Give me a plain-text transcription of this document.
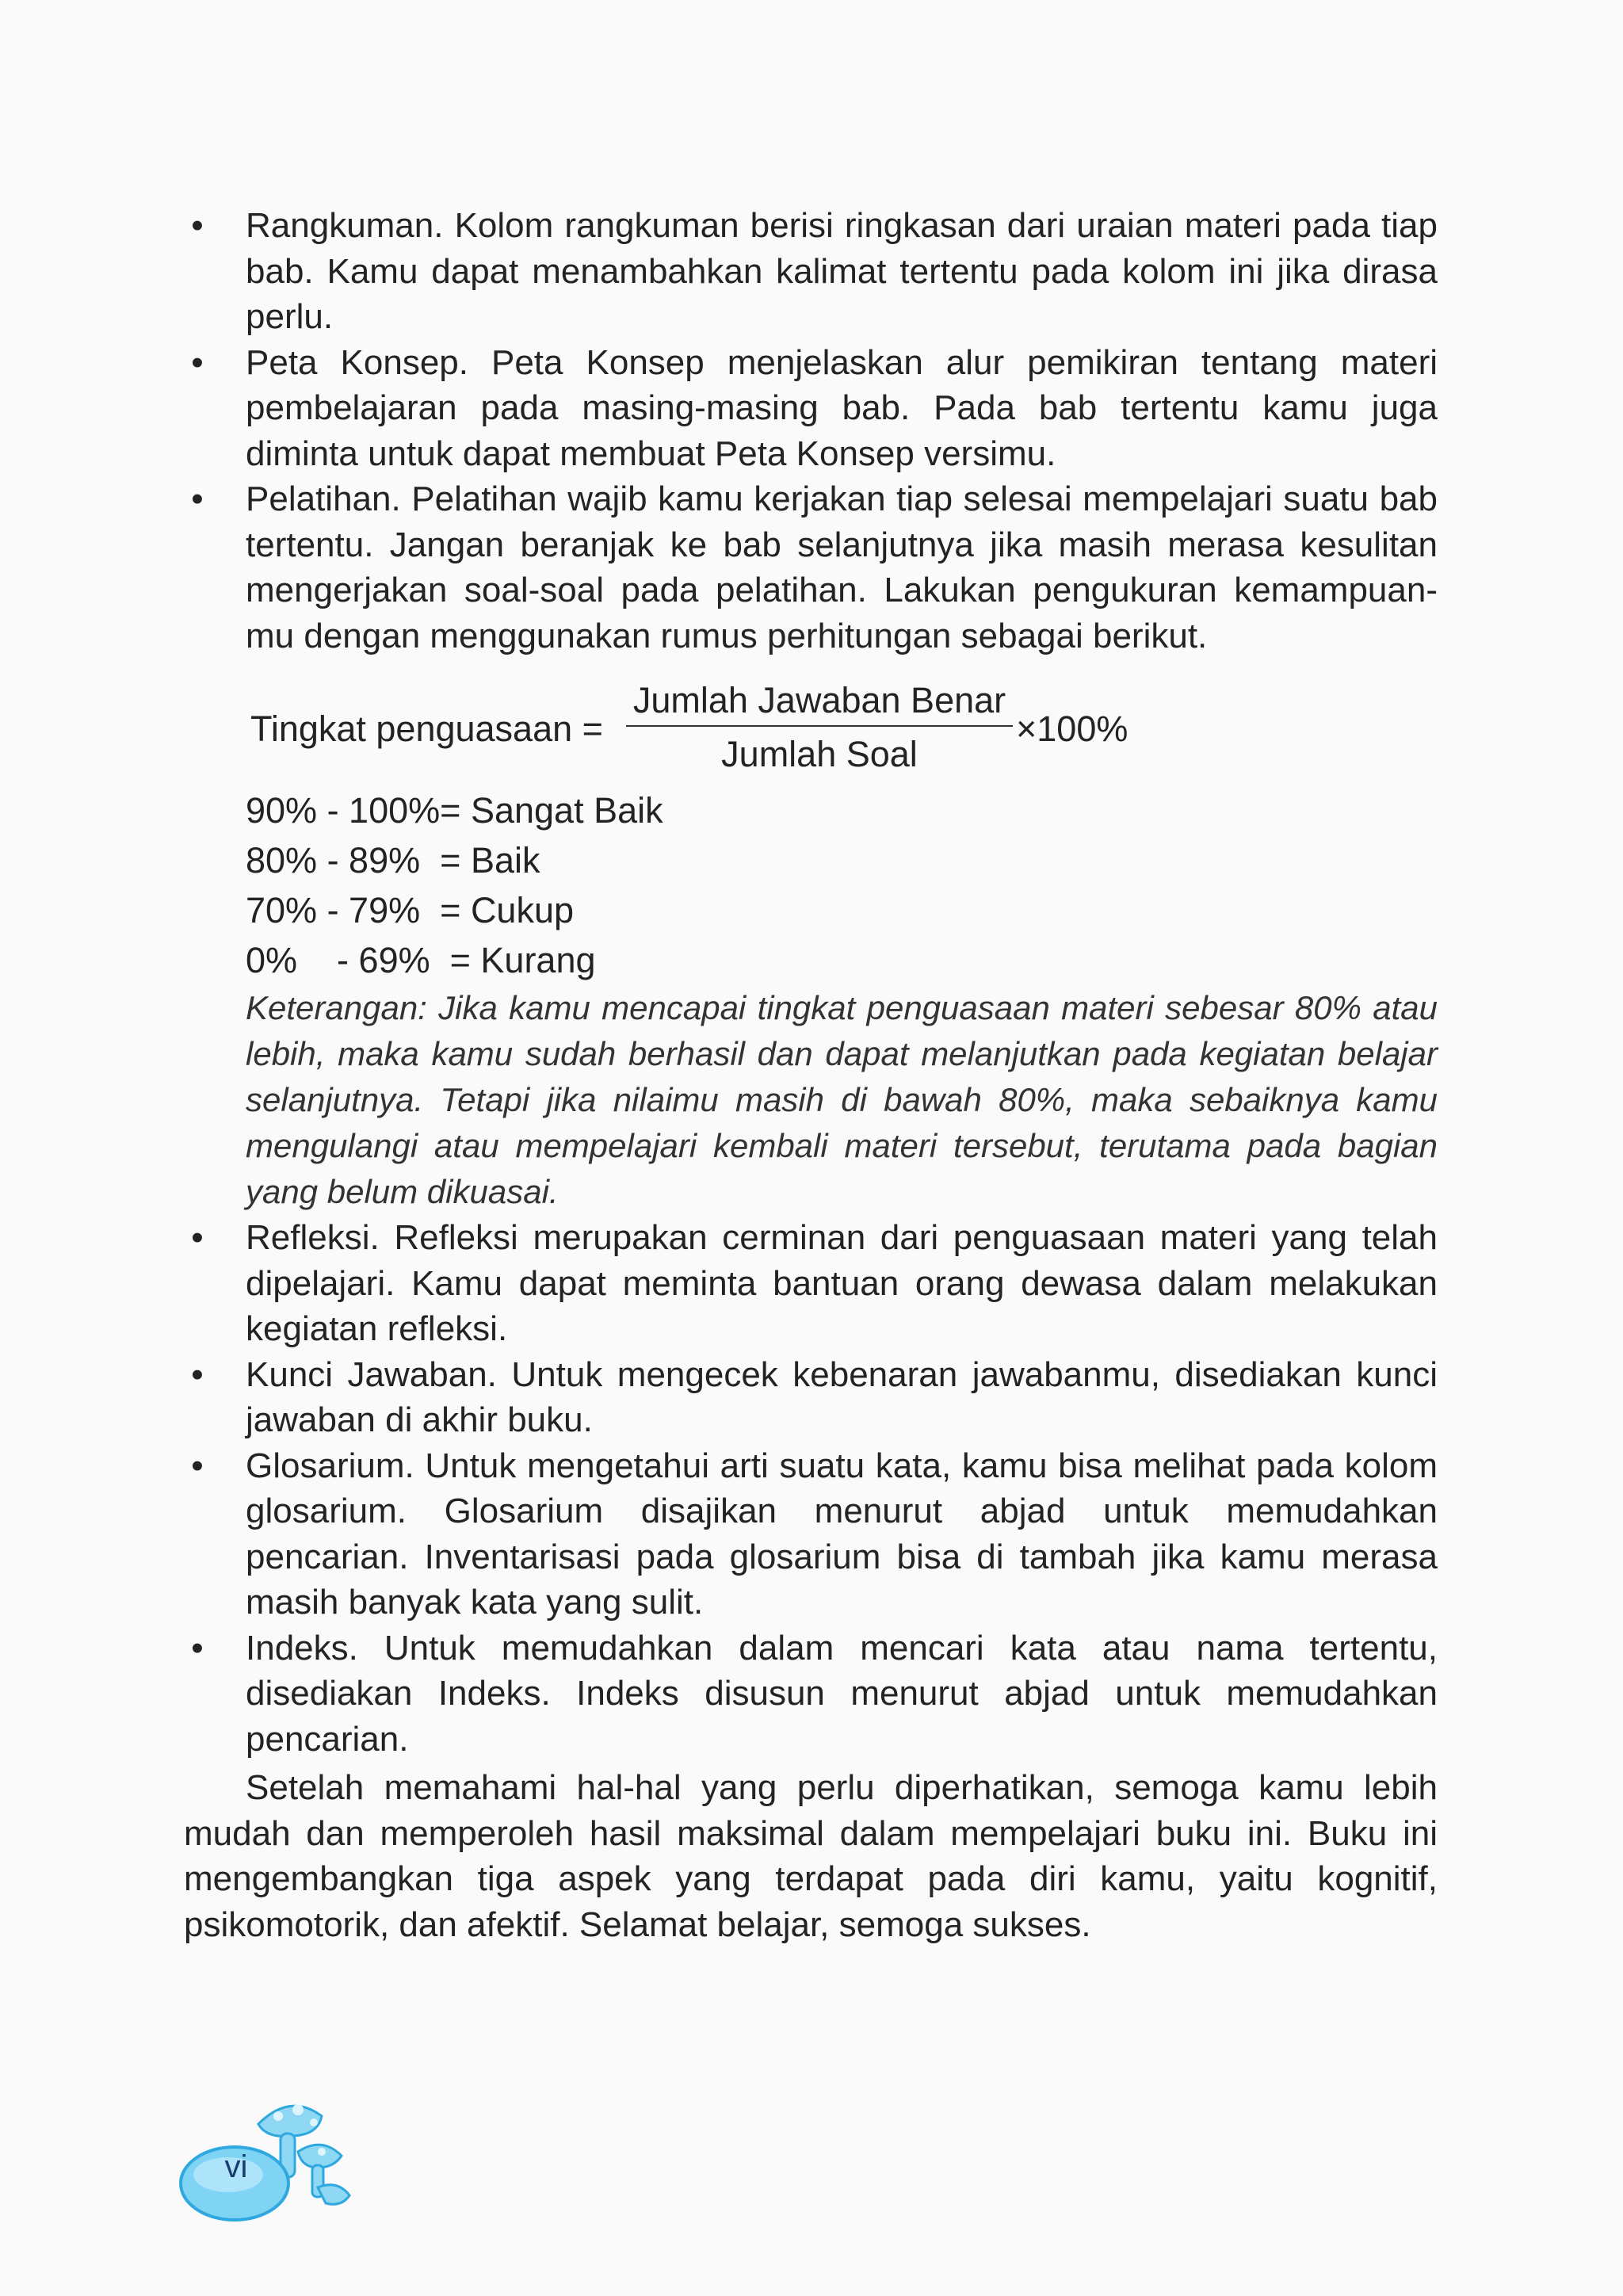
• Rangkuman. Kolom rangkuman berisi ringkasan dari uraian materi pada tiap bab. Kamu dapat menambahkan kalimat tertentu pada kolom ini jika dirasa perlu.
• Peta Konsep. Peta Konsep menjelaskan alur pemikiran tentang materi pembelajaran pada masing-masing bab. Pada bab tertentu kamu juga diminta untuk dapat membuat Peta Konsep versimu.
• Pelatihan. Pelatihan wajib kamu kerjakan tiap selesai mempelajari suatu bab tertentu. Jangan beranjak ke bab selanjutnya jika masih merasa kesulitan mengerjakan soal-soal pada pelatihan. Lakukan pengukuran kemampuan-mu dengan menggunakan rumus perhitungan sebagai berikut.
Tingkat penguasaan =
Jumlah Jawaban Benar
Jumlah Soal
×100%
90% - 100%= Sangat Baik
80% - 89%  = Baik
70% - 79%  = Cukup
0%    - 69%  = Kurang
Keterangan: Jika kamu mencapai tingkat penguasaan materi sebesar 80% atau lebih, maka kamu sudah berhasil dan dapat melanjutkan pada kegiatan belajar selanjutnya. Tetapi jika nilaimu masih di bawah 80%, maka sebaiknya kamu mengulangi atau mempelajari kembali materi tersebut, terutama pada bagian yang belum dikuasai.
• Refleksi. Refleksi merupakan cerminan dari penguasaan materi yang telah dipelajari. Kamu dapat meminta bantuan orang dewasa dalam melakukan kegiatan refleksi.
• Kunci Jawaban. Untuk mengecek kebenaran jawabanmu, disediakan kunci jawaban di akhir buku.
• Glosarium. Untuk mengetahui arti suatu kata, kamu bisa melihat pada kolom glosarium. Glosarium disajikan menurut abjad untuk memudahkan pencarian. Inventarisasi pada glosarium bisa di tambah jika kamu merasa masih banyak kata yang sulit.
• Indeks. Untuk memudahkan dalam mencari kata atau nama tertentu, disediakan Indeks. Indeks disusun menurut abjad untuk memudahkan pencarian.
Setelah memahami hal-hal yang perlu diperhatikan, semoga kamu lebih mudah dan memperoleh hasil maksimal dalam mempelajari buku ini. Buku ini mengembangkan tiga aspek yang terdapat pada diri kamu, yaitu kognitif, psikomotorik, dan afektif. Selamat belajar, semoga sukses.
vi
